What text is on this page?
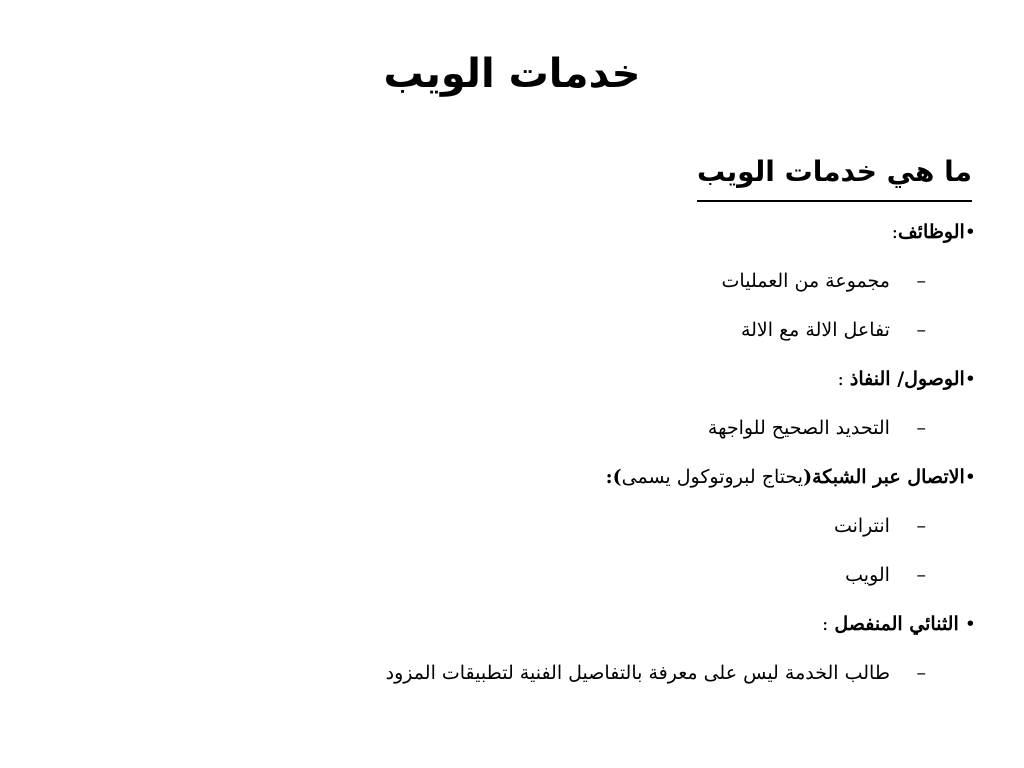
خدمات الويب
ما هي خدمات الويب
•الوظائف:
– مجموعة من العمليات
– تفاعل الالة مع الالة
•الوصول/ النفاذ :
– التحديد الصحيح للواجهة
•الاتصال عبر الشبكة(يحتاج لبروتوكول يسمى):
– انترانت
– الويب
• الثنائي المنفصل :
– طالب الخدمة ليس على معرفة بالتفاصيل الفنية لتطبيقات المزود
